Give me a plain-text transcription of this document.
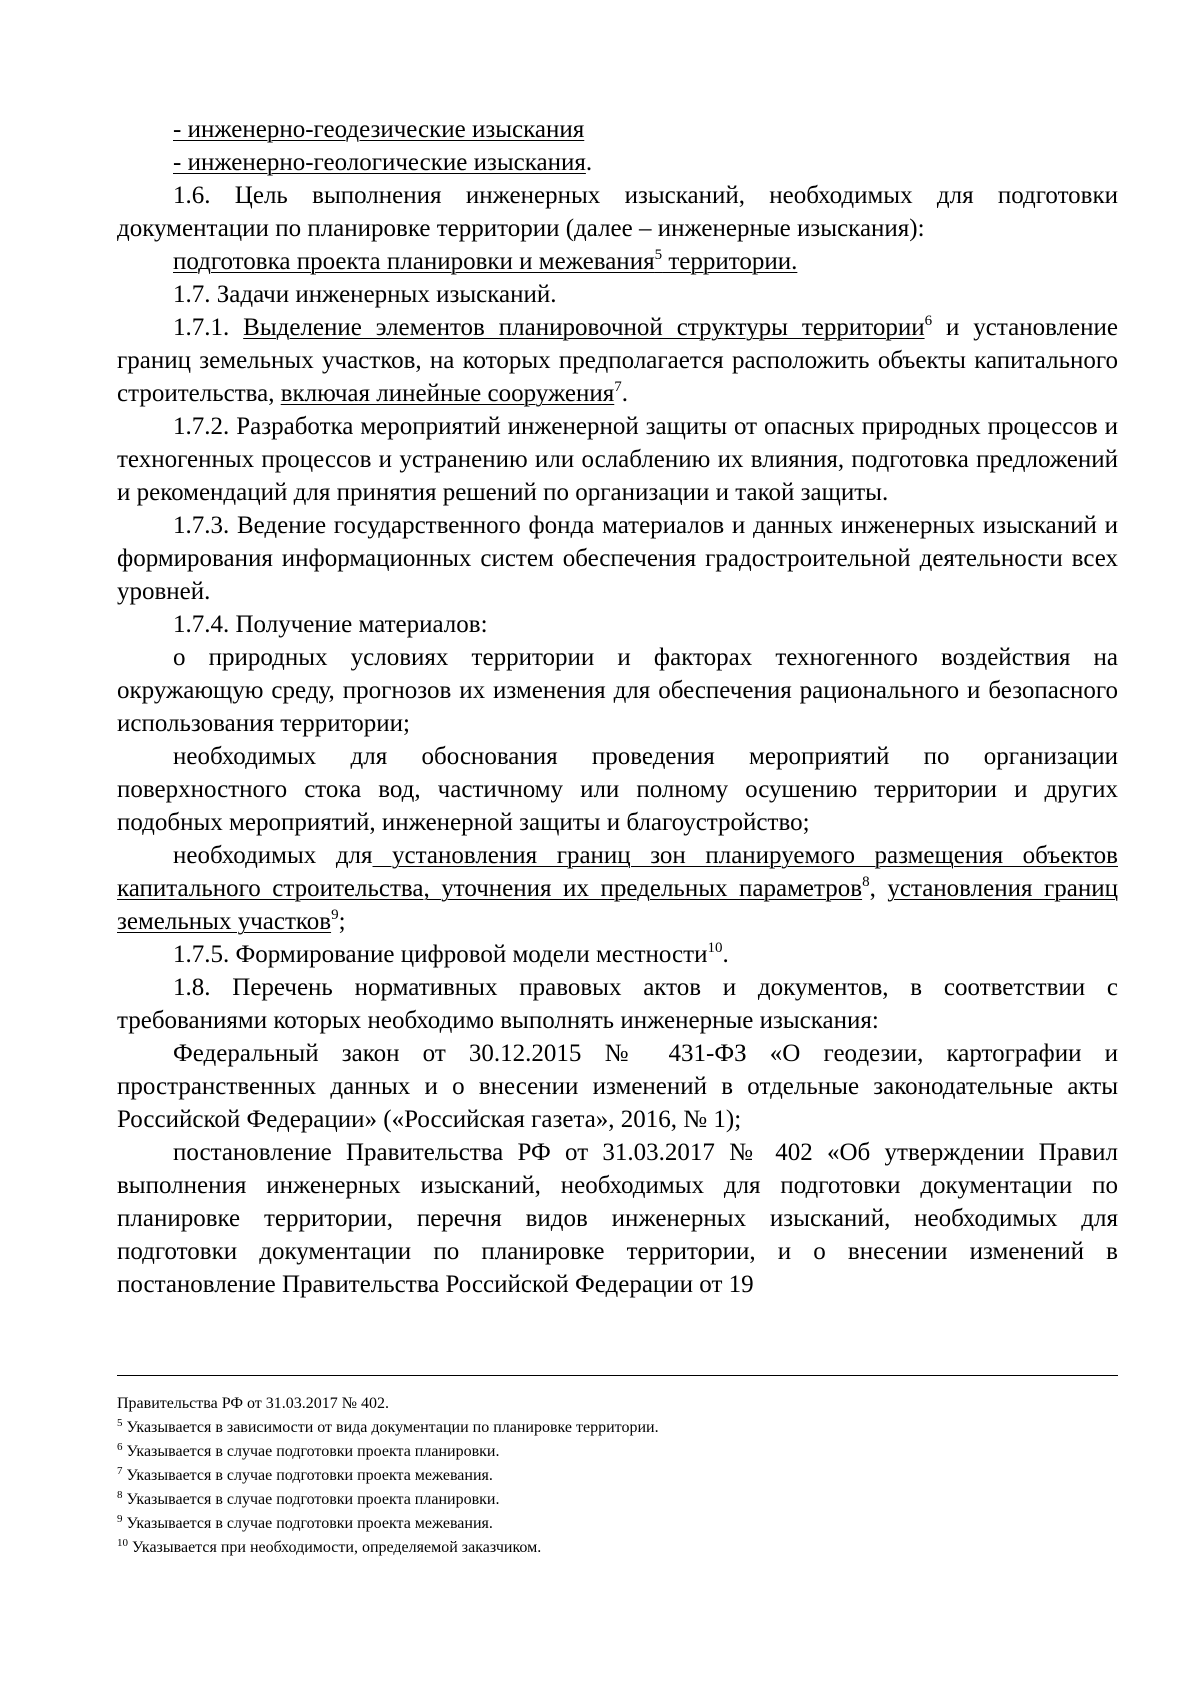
- инженерно-геодезические изыскания

- инженерно-геологические изыскания.

1.6. Цель выполнения инженерных изысканий, необходимых для подготовки документации по планировке территории (далее – инженерные изыскания):

подготовка проекта планировки и межевания$^5$ территории.

1.7. Задачи инженерных изысканий.

1.7.1. Выделение элементов планировочной структуры территории$^6$ и установление границ земельных участков, на которых предполагается расположить объекты капитального строительства, включая линейные сооружения$^7$.

1.7.2. Разработка мероприятий инженерной защиты от опасных природных процессов и техногенных процессов и устранению или ослаблению их влияния, подготовка предложений и рекомендаций для принятия решений по организации и такой защиты.

1.7.3. Ведение государственного фонда материалов и данных инженерных изысканий и формирования информационных систем обеспечения градостроительной деятельности всех уровней.

1.7.4. Получение материалов:

о природных условиях территории и факторах техногенного воздействия на окружающую среду, прогнозов их изменения для обеспечения рационального и безопасного использования территории;

необходимых для обоснования проведения мероприятий по организации поверхностного стока вод, частичному или полному осушению территории и других подобных мероприятий, инженерной защиты и благоустройство;

необходимых для установления границ зон планируемого размещения объектов капитального строительства, уточнения их предельных параметров$^8$, установления границ земельных участков$^9$;

1.7.5. Формирование цифровой модели местности$^{10}$.

1.8. Перечень нормативных правовых актов и документов, в соответствии с требованиями которых необходимо выполнять инженерные изыскания:

Федеральный закон от 30.12.2015 № 431-ФЗ «О геодезии, картографии и пространственных данных и о внесении изменений в отдельные законодательные акты Российской Федерации» («Российская газета», 2016, № 1);

постановление Правительства РФ от 31.03.2017 № 402 «Об утверждении Правил выполнения инженерных изысканий, необходимых для подготовки документации по планировке территории, перечня видов инженерных изысканий, необходимых для подготовки документации по планировке территории, и о внесении изменений в постановление Правительства Российской Федерации от 19

Правительства РФ от 31.03.2017 № 402.

$^5$ Указывается в зависимости от вида документации по планировке территории.

$^6$ Указывается в случае подготовки проекта планировки.

$^7$ Указывается в случае подготовки проекта межевания.

$^8$ Указывается в случае подготовки проекта планировки.

$^9$ Указывается в случае подготовки проекта межевания.

$^{10}$ Указывается при необходимости, определяемой заказчиком.
